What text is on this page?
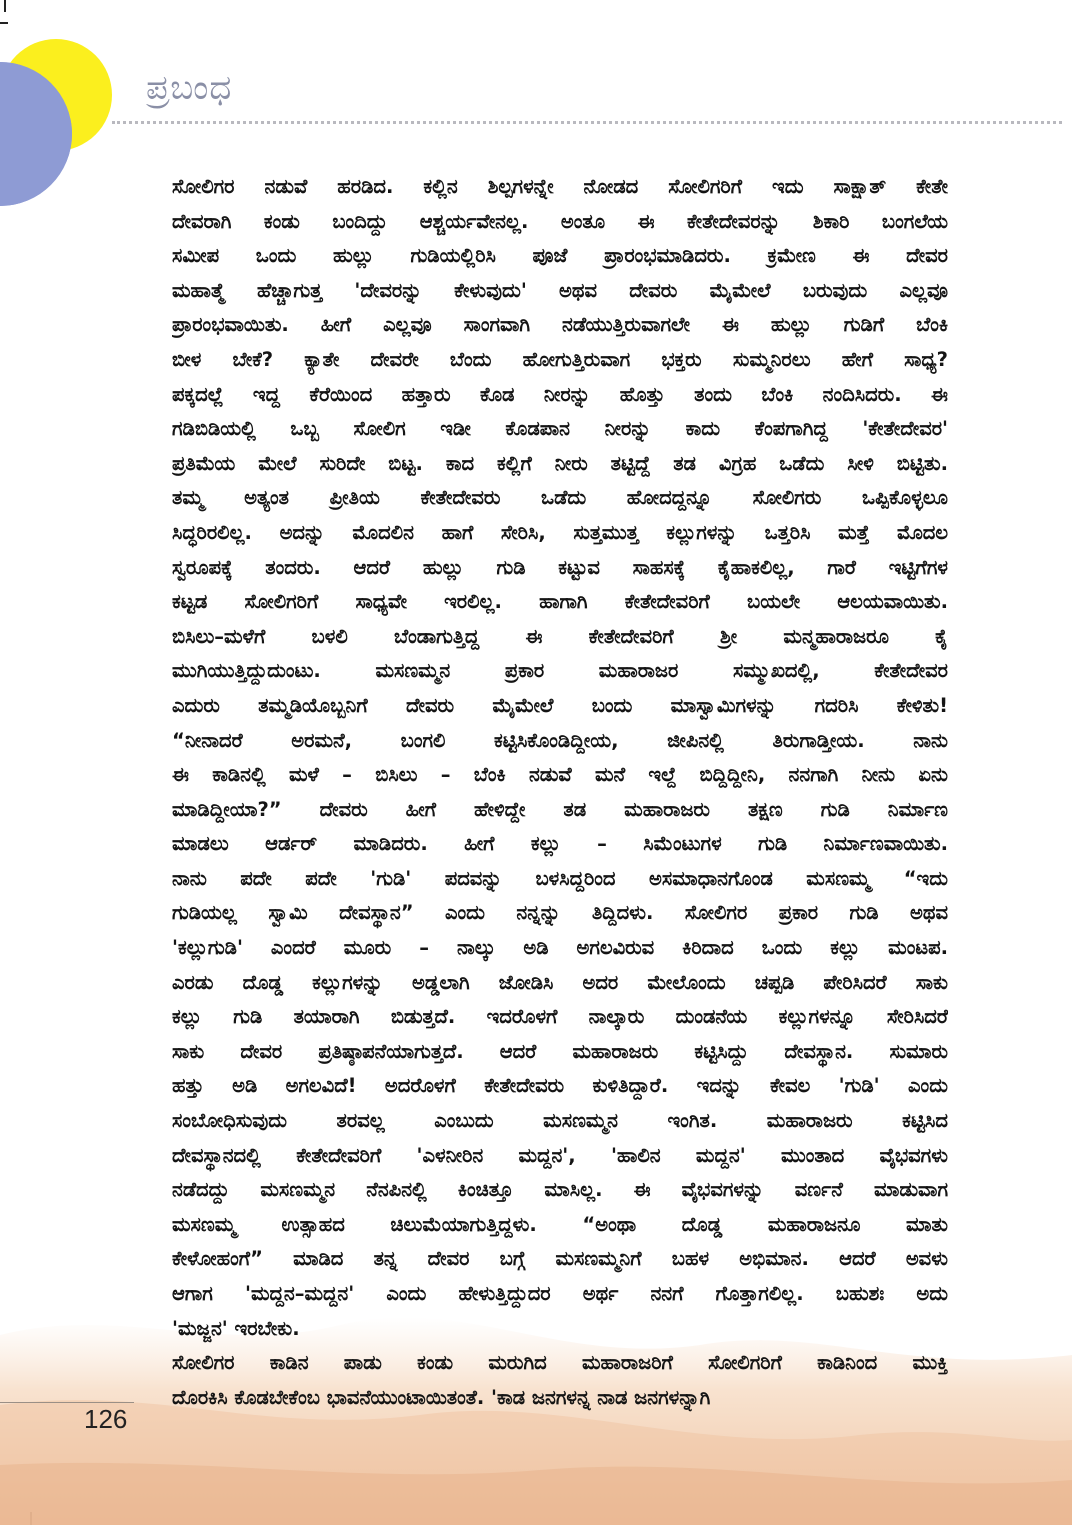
ಪ್ರಬಂಧ
ಸೋಲಿಗರ ನಡುವೆ ಹರಡಿದ. ಕಲ್ಲಿನ ಶಿಲ್ಪಗಳನ್ನೇ ನೋಡದ ಸೋಲಿಗರಿಗೆ ಇದು ಸಾಕ್ಷಾತ್ ಕೇತೇ
ದೇವರಾಗಿ ಕಂಡು ಬಂದಿದ್ದು ಆಶ್ಚರ್ಯವೇನಲ್ಲ. ಅಂತೂ ಈ ಕೇತೇದೇವರನ್ನು ಶಿಕಾರಿ ಬಂಗಲೆಯ
ಸಮೀಪ ಒಂದು ಹುಲ್ಲು ಗುಡಿಯಲ್ಲಿರಿಸಿ ಪೂಜೆ ಪ್ರಾರಂಭಮಾಡಿದರು. ಕ್ರಮೇಣ ಈ ದೇವರ
ಮಹಾತ್ಮೆ ಹೆಚ್ಚಾಗುತ್ತ 'ದೇವರನ್ನು ಕೇಳುವುದು' ಅಥವ ದೇವರು ಮೈಮೇಲೆ ಬರುವುದು ಎಲ್ಲವೂ
ಪ್ರಾರಂಭವಾಯಿತು. ಹೀಗೆ ಎಲ್ಲವೂ ಸಾಂಗವಾಗಿ ನಡೆಯುತ್ತಿರುವಾಗಲೇ ಈ ಹುಲ್ಲು ಗುಡಿಗೆ ಬೆಂಕಿ
ಬೀಳ ಬೇಕೆ? ಕ್ಯಾತೇ ದೇವರೇ ಬೆಂದು ಹೋಗುತ್ತಿರುವಾಗ ಭಕ್ತರು ಸುಮ್ಮನಿರಲು ಹೇಗೆ ಸಾಧ್ಯ?
ಪಕ್ಕದಲ್ಲೆ ಇದ್ದ ಕೆರೆಯಿಂದ ಹತ್ತಾರು ಕೊಡ ನೀರನ್ನು ಹೊತ್ತು ತಂದು ಬೆಂಕಿ ನಂದಿಸಿದರು. ಈ
ಗಡಿಬಿಡಿಯಲ್ಲಿ ಒಬ್ಬ ಸೋಲಿಗ ಇಡೀ ಕೊಡಪಾನ ನೀರನ್ನು ಕಾದು ಕೆಂಪಗಾಗಿದ್ದ 'ಕೇತೇದೇವರ'
ಪ್ರತಿಮೆಯ ಮೇಲೆ ಸುರಿದೇ ಬಿಟ್ಟ. ಕಾದ ಕಲ್ಲಿಗೆ ನೀರು ತಟ್ಟಿದ್ದೆ ತಡ ವಿಗ್ರಹ ಒಡೆದು ಸೀಳಿ ಬಿಟ್ಟಿತು.
ತಮ್ಮ ಅತ್ಯಂತ ಪ್ರೀತಿಯ ಕೇತೇದೇವರು ಒಡೆದು ಹೋದದ್ದನ್ನೂ ಸೋಲಿಗರು ಒಪ್ಪಿಕೊಳ್ಳಲೂ
ಸಿದ್ಧರಿರಲಿಲ್ಲ. ಅದನ್ನು ಮೊದಲಿನ ಹಾಗೆ ಸೇರಿಸಿ, ಸುತ್ತಮುತ್ತ ಕಲ್ಲುಗಳನ್ನು ಒತ್ತರಿಸಿ ಮತ್ತೆ ಮೊದಲ
ಸ್ವರೂಪಕ್ಕೆ ತಂದರು. ಆದರೆ ಹುಲ್ಲು ಗುಡಿ ಕಟ್ಟುವ ಸಾಹಸಕ್ಕೆ ಕೈಹಾಕಲಿಲ್ಲ, ಗಾರೆ ಇಟ್ಟಿಗೆಗಳ
ಕಟ್ಟಡ ಸೋಲಿಗರಿಗೆ ಸಾಧ್ಯವೇ ಇರಲಿಲ್ಲ. ಹಾಗಾಗಿ ಕೇತೇದೇವರಿಗೆ ಬಯಲೇ ಆಲಯವಾಯಿತು.
ಬಿಸಿಲು–ಮಳೆಗೆ ಬಳಲಿ ಬೆಂಡಾಗುತ್ತಿದ್ದ ಈ ಕೇತೇದೇವರಿಗೆ ಶ್ರೀ ಮನ್ಮಹಾರಾಜರೂ ಕೈ
ಮುಗಿಯುತ್ತಿದ್ದುದುಂಟು. ಮಸಣಮ್ಮನ ಪ್ರಕಾರ ಮಹಾರಾಜರ ಸಮ್ಮುಖದಲ್ಲಿ, ಕೇತೇದೇವರ
ಎದುರು ತಮ್ಮಡಿಯೊಬ್ಬನಿಗೆ ದೇವರು ಮೈಮೇಲೆ ಬಂದು ಮಾಸ್ವಾಮಿಗಳನ್ನು ಗದರಿಸಿ ಕೇಳಿತು!
“ನೀನಾದರೆ ಅರಮನೆ, ಬಂಗಲಿ ಕಟ್ಟಿಸಿಕೊಂಡಿದ್ದೀಯ, ಜೀಪಿನಲ್ಲಿ ತಿರುಗಾಡ್ತೀಯ. ನಾನು
ಈ ಕಾಡಿನಲ್ಲಿ ಮಳೆ – ಬಿಸಿಲು – ಬೆಂಕಿ ನಡುವೆ ಮನೆ ಇಲ್ದೆ ಬಿದ್ದಿದ್ದೀನಿ, ನನಗಾಗಿ ನೀನು ಏನು
ಮಾಡಿದ್ದೀಯಾ?” ದೇವರು ಹೀಗೆ ಹೇಳಿದ್ದೇ ತಡ ಮಹಾರಾಜರು ತಕ್ಷಣ ಗುಡಿ ನಿರ್ಮಾಣ
ಮಾಡಲು ಆರ್ಡರ್ ಮಾಡಿದರು. ಹೀಗೆ ಕಲ್ಲು – ಸಿಮೆಂಟುಗಳ ಗುಡಿ ನಿರ್ಮಾಣವಾಯಿತು.
ನಾನು ಪದೇ ಪದೇ 'ಗುಡಿ' ಪದವನ್ನು ಬಳಸಿದ್ದರಿಂದ ಅಸಮಾಧಾನಗೊಂಡ ಮಸಣಮ್ಮ “ಇದು
ಗುಡಿಯಲ್ಲ ಸ್ವಾಮಿ ದೇವಸ್ಥಾನ” ಎಂದು ನನ್ನನ್ನು ತಿದ್ದಿದಳು. ಸೋಲಿಗರ ಪ್ರಕಾರ ಗುಡಿ ಅಥವ
'ಕಲ್ಲುಗುಡಿ' ಎಂದರೆ ಮೂರು – ನಾಲ್ಕು ಅಡಿ ಅಗಲವಿರುವ ಕಿರಿದಾದ ಒಂದು ಕಲ್ಲು ಮಂಟಪ.
ಎರಡು ದೊಡ್ಡ ಕಲ್ಲುಗಳನ್ನು ಅಡ್ಡಲಾಗಿ ಜೋಡಿಸಿ ಅದರ ಮೇಲೊಂದು ಚಪ್ಪಡಿ ಪೇರಿಸಿದರೆ ಸಾಕು
ಕಲ್ಲು ಗುಡಿ ತಯಾರಾಗಿ ಬಿಡುತ್ತದೆ. ಇದರೊಳಗೆ ನಾಲ್ಕಾರು ದುಂಡನೆಯ ಕಲ್ಲುಗಳನ್ನೂ ಸೇರಿಸಿದರೆ
ಸಾಕು ದೇವರ ಪ್ರತಿಷ್ಠಾಪನೆಯಾಗುತ್ತದೆ. ಆದರೆ ಮಹಾರಾಜರು ಕಟ್ಟಿಸಿದ್ದು ದೇವಸ್ಥಾನ. ಸುಮಾರು
ಹತ್ತು ಅಡಿ ಅಗಲವಿದೆ! ಅದರೊಳಗೆ ಕೇತೇದೇವರು ಕುಳಿತಿದ್ದಾರೆ. ಇದನ್ನು ಕೇವಲ 'ಗುಡಿ' ಎಂದು
ಸಂಬೋಧಿಸುವುದು ತರವಲ್ಲ ಎಂಬುದು ಮಸಣಮ್ಮನ ಇಂಗಿತ. ಮಹಾರಾಜರು ಕಟ್ಟಿಸಿದ
ದೇವಸ್ಥಾನದಲ್ಲಿ ಕೇತೇದೇವರಿಗೆ 'ಎಳನೀರಿನ ಮದ್ದನ', 'ಹಾಲಿನ ಮದ್ದನ' ಮುಂತಾದ ವೈಭವಗಳು
ನಡೆದದ್ದು ಮಸಣಮ್ಮನ ನೆನಪಿನಲ್ಲಿ ಕಿಂಚಿತ್ತೂ ಮಾಸಿಲ್ಲ. ಈ ವೈಭವಗಳನ್ನು ವರ್ಣನೆ ಮಾಡುವಾಗ
ಮಸಣಮ್ಮ ಉತ್ಸಾಹದ ಚಿಲುಮೆಯಾಗುತ್ತಿದ್ದಳು. “ಅಂಥಾ ದೊಡ್ಡ ಮಹಾರಾಜನೂ ಮಾತು
ಕೇಳೋಹಂಗೆ” ಮಾಡಿದ ತನ್ನ ದೇವರ ಬಗ್ಗೆ ಮಸಣಮ್ಮನಿಗೆ ಬಹಳ ಅಭಿಮಾನ. ಆದರೆ ಅವಳು
ಆಗಾಗ 'ಮದ್ದನ–ಮದ್ದನ' ಎಂದು ಹೇಳುತ್ತಿದ್ದುದರ ಅರ್ಥ ನನಗೆ ಗೊತ್ತಾಗಲಿಲ್ಲ. ಬಹುಶಃ ಅದು
'ಮಜ್ಜನ' ಇರಬೇಕು.
ಸೋಲಿಗರ ಕಾಡಿನ ಪಾಡು ಕಂಡು ಮರುಗಿದ ಮಹಾರಾಜರಿಗೆ ಸೋಲಿಗರಿಗೆ ಕಾಡಿನಿಂದ ಮುಕ್ತಿ
ದೊರಕಿಸಿ ಕೊಡಬೇಕೆಂಬ ಭಾವನೆಯುಂಟಾಯಿತಂತೆ. 'ಕಾಡ ಜನಗಳನ್ನ ನಾಡ ಜನಗಳನ್ನಾಗಿ
126
